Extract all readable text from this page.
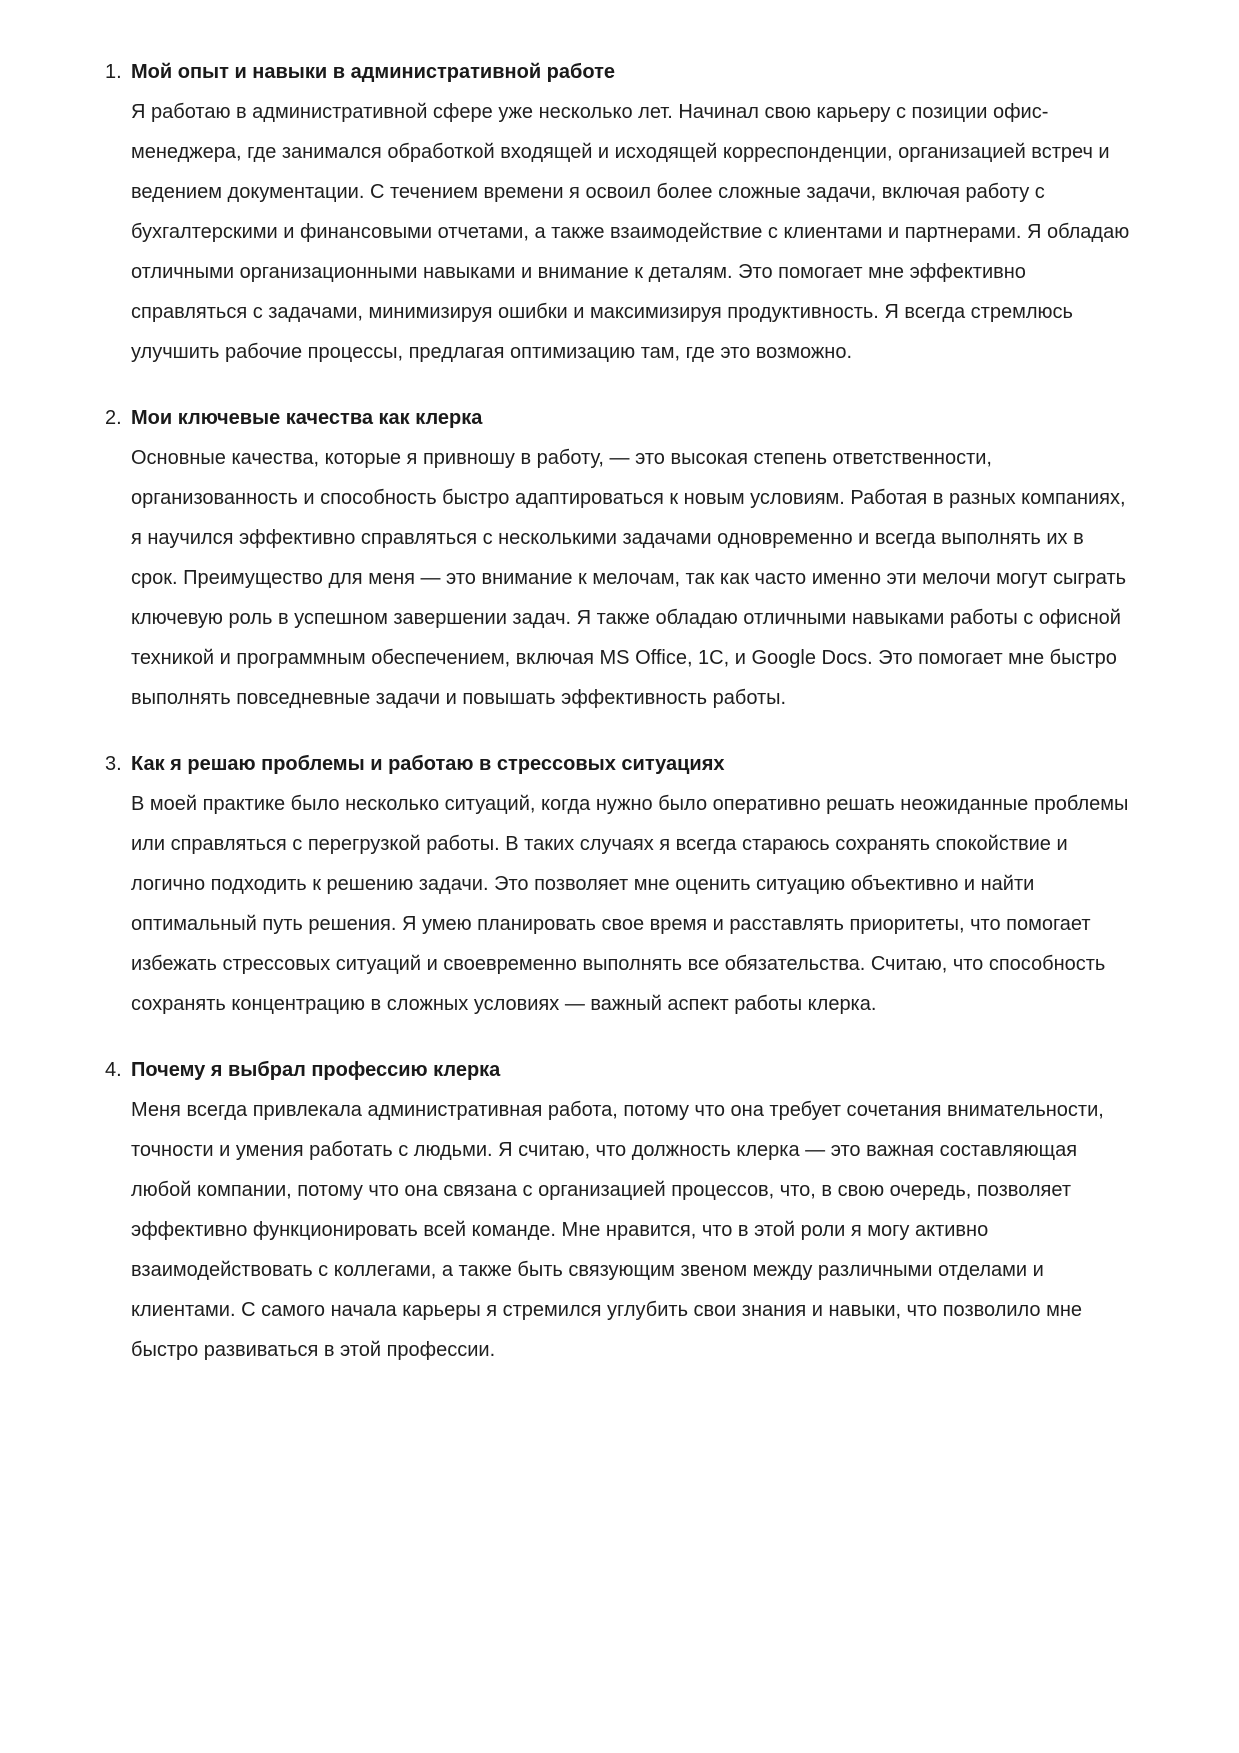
1. Мой опыт и навыки в административной работе

Я работаю в административной сфере уже несколько лет. Начинал свою карьеру с позиции офис-менеджера, где занимался обработкой входящей и исходящей корреспонденции, организацией встреч и ведением документации. С течением времени я освоил более сложные задачи, включая работу с бухгалтерскими и финансовыми отчетами, а также взаимодействие с клиентами и партнерами. Я обладаю отличными организационными навыками и внимание к деталям. Это помогает мне эффективно справляться с задачами, минимизируя ошибки и максимизируя продуктивность. Я всегда стремлюсь улучшить рабочие процессы, предлагая оптимизацию там, где это возможно.

2. Мои ключевые качества как клерка

Основные качества, которые я привношу в работу, — это высокая степень ответственности, организованность и способность быстро адаптироваться к новым условиям. Работая в разных компаниях, я научился эффективно справляться с несколькими задачами одновременно и всегда выполнять их в срок. Преимущество для меня — это внимание к мелочам, так как часто именно эти мелочи могут сыграть ключевую роль в успешном завершении задач. Я также обладаю отличными навыками работы с офисной техникой и программным обеспечением, включая MS Office, 1С, и Google Docs. Это помогает мне быстро выполнять повседневные задачи и повышать эффективность работы.

3. Как я решаю проблемы и работаю в стрессовых ситуациях

В моей практике было несколько ситуаций, когда нужно было оперативно решать неожиданные проблемы или справляться с перегрузкой работы. В таких случаях я всегда стараюсь сохранять спокойствие и логично подходить к решению задачи. Это позволяет мне оценить ситуацию объективно и найти оптимальный путь решения. Я умею планировать свое время и расставлять приоритеты, что помогает избежать стрессовых ситуаций и своевременно выполнять все обязательства. Считаю, что способность сохранять концентрацию в сложных условиях — важный аспект работы клерка.

4. Почему я выбрал профессию клерка

Меня всегда привлекала административная работа, потому что она требует сочетания внимательности, точности и умения работать с людьми. Я считаю, что должность клерка — это важная составляющая любой компании, потому что она связана с организацией процессов, что, в свою очередь, позволяет эффективно функционировать всей команде. Мне нравится, что в этой роли я могу активно взаимодействовать с коллегами, а также быть связующим звеном между различными отделами и клиентами. С самого начала карьеры я стремился углубить свои знания и навыки, что позволило мне быстро развиваться в этой профессии.
